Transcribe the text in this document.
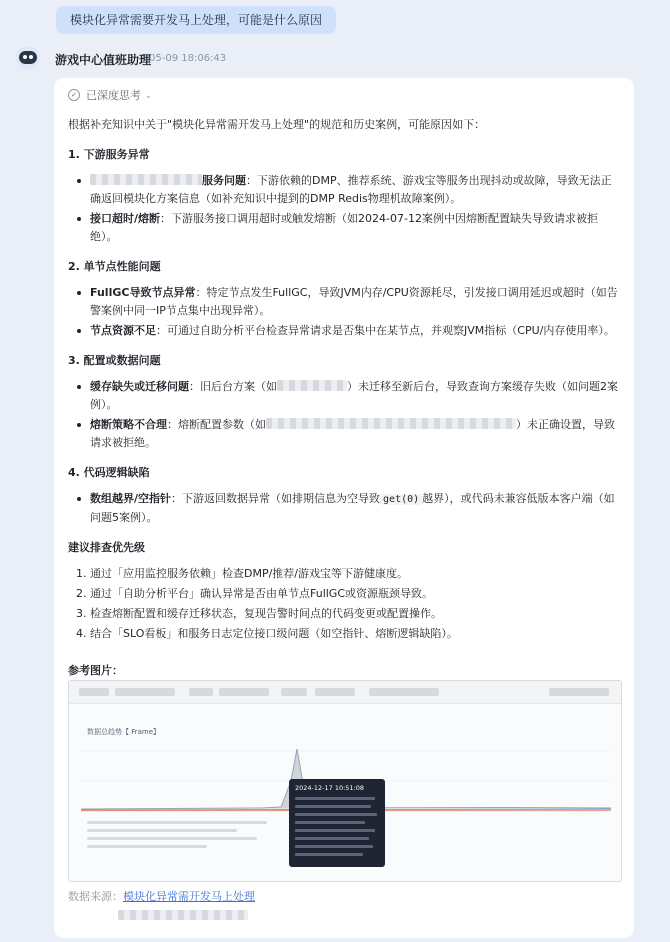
模块化异常需要开发马上处理，可能是什么原因
游戏中心值班助理
05-09 18:06:43
✓ 已深度思考 ⌄

根据补充知识中关于"模块化异常需开发马上处理"的规范和历史案例，可能原因如下：

1. 下游服务异常
服务问题：下游依赖的DMP、推荐系统、游戏宝等服务出现抖动或故障，导致无法正确返回模块化方案信息（如补充知识中提到的DMP Redis物理机故障案例）。
接口超时/熔断：下游服务接口调用超时或触发熔断（如2024-07-12案例中因熔断配置缺失导致请求被拒绝）。
2. 单节点性能问题
FullGC导致节点异常：特定节点发生FullGC，导致JVM内存/CPU资源耗尽，引发接口调用延迟或超时（如告警案例中同一IP节点集中出现异常）。
节点资源不足：可通过自助分析平台检查异常请求是否集中在某节点，并观察JVM指标（CPU/内存使用率）。
3. 配置或数据问题
缓存缺失或迁移问题：旧后台方案（如	）未迁移至新后台，导致查询方案缓存失败（如问题2案例）。
熔断策略不合理：熔断配置参数（如	）未正确设置，导致请求被拒绝。
4. 代码逻辑缺陷
数组越界/空指针：下游返回数据异常（如排期信息为空导致 get(0) 越界），或代码未兼容低版本客户端（如问题5案例）。
建议排查优先级
1. 通过「应用监控服务依赖」检查DMP/推荐/游戏宝等下游健康度。
2. 通过「自助分析平台」确认异常是否由单节点FullGC或资源瓶颈导致。
3. 检查熔断配置和缓存迁移状态，复现告警时间点的代码变更或配置操作。
4. 结合「SLO看板」和服务日志定位接口级问题（如空指针、熔断逻辑缺陷）。
参考图片：
数据总趋势【 Frame】
2024-12-17 10:51:08
数据来源：模块化异常需开发马上处理
